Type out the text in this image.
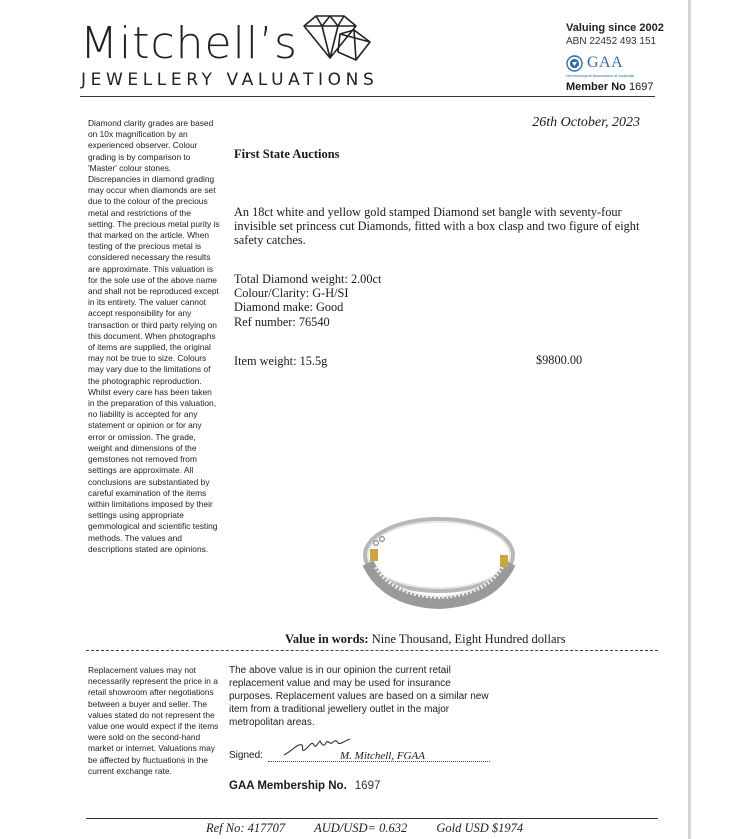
Mitchell’s
JEWELLERY VALUATIONS
Valuing since 2002
ABN 22452 493 151
GAA
Gemmological Association of Australia
Member No 1697
Diamond clarity grades are based on 10x magnification by an experienced observer. Colour grading is by comparison to 'Master' colour stones. Discrepancies in diamond grading may occur when diamonds are set due to the colour of the precious metal and restrictions of the setting. The precious metal purity is that marked on the article. When testing of the precious metal is considered necessary the results are approximate. This valuation is for the sole use of the above name and shall not be reproduced except in its entirety. The valuer cannot accept responsibility for any transaction or third party relying on this document. When photographs of items are supplied, the original may not be true to size. Colours may vary due to the limitations of the photographic reproduction. Whilst every care has been taken in the preparation of this valuation, no liability is accepted for any statement or opinion or for any error or omission. The grade, weight and dimensions of the gemstones not removed from settings are approximate. All conclusions are substantiated by careful examination of the items within limitations imposed by their settings using appropriate gemmological and scientific testing methods. The values and descriptions stated are opinions.
26th October, 2023
First State Auctions
An 18ct white and yellow gold stamped Diamond set bangle with seventy-four invisible set princess cut Diamonds, fitted with a box clasp and two figure of eight safety catches.
Total Diamond weight: 2.00ct
Colour/Clarity: G-H/SI
Diamond make: Good
Ref number: 76540
Item weight: 15.5g	$9800.00
Value in words: Nine Thousand, Eight Hundred dollars
Replacement values may not necessarily represent the price in a retail showroom after negotiations between a buyer and seller. The values stated do not represent the value one would expect if the items were sold on the second-hand market or internet. Valuations may be affected by fluctuations in the current exchange rate.
The above value is in our opinion the current retail replacement value and may be used for insurance purposes. Replacement values are based on a similar new item from a traditional jewellery outlet in the major metropolitan areas.
Signed:	M. Mitchell, FGAA
GAA Membership No. 1697
Ref No: 417707 AUD/USD= 0.632 Gold USD $1974
